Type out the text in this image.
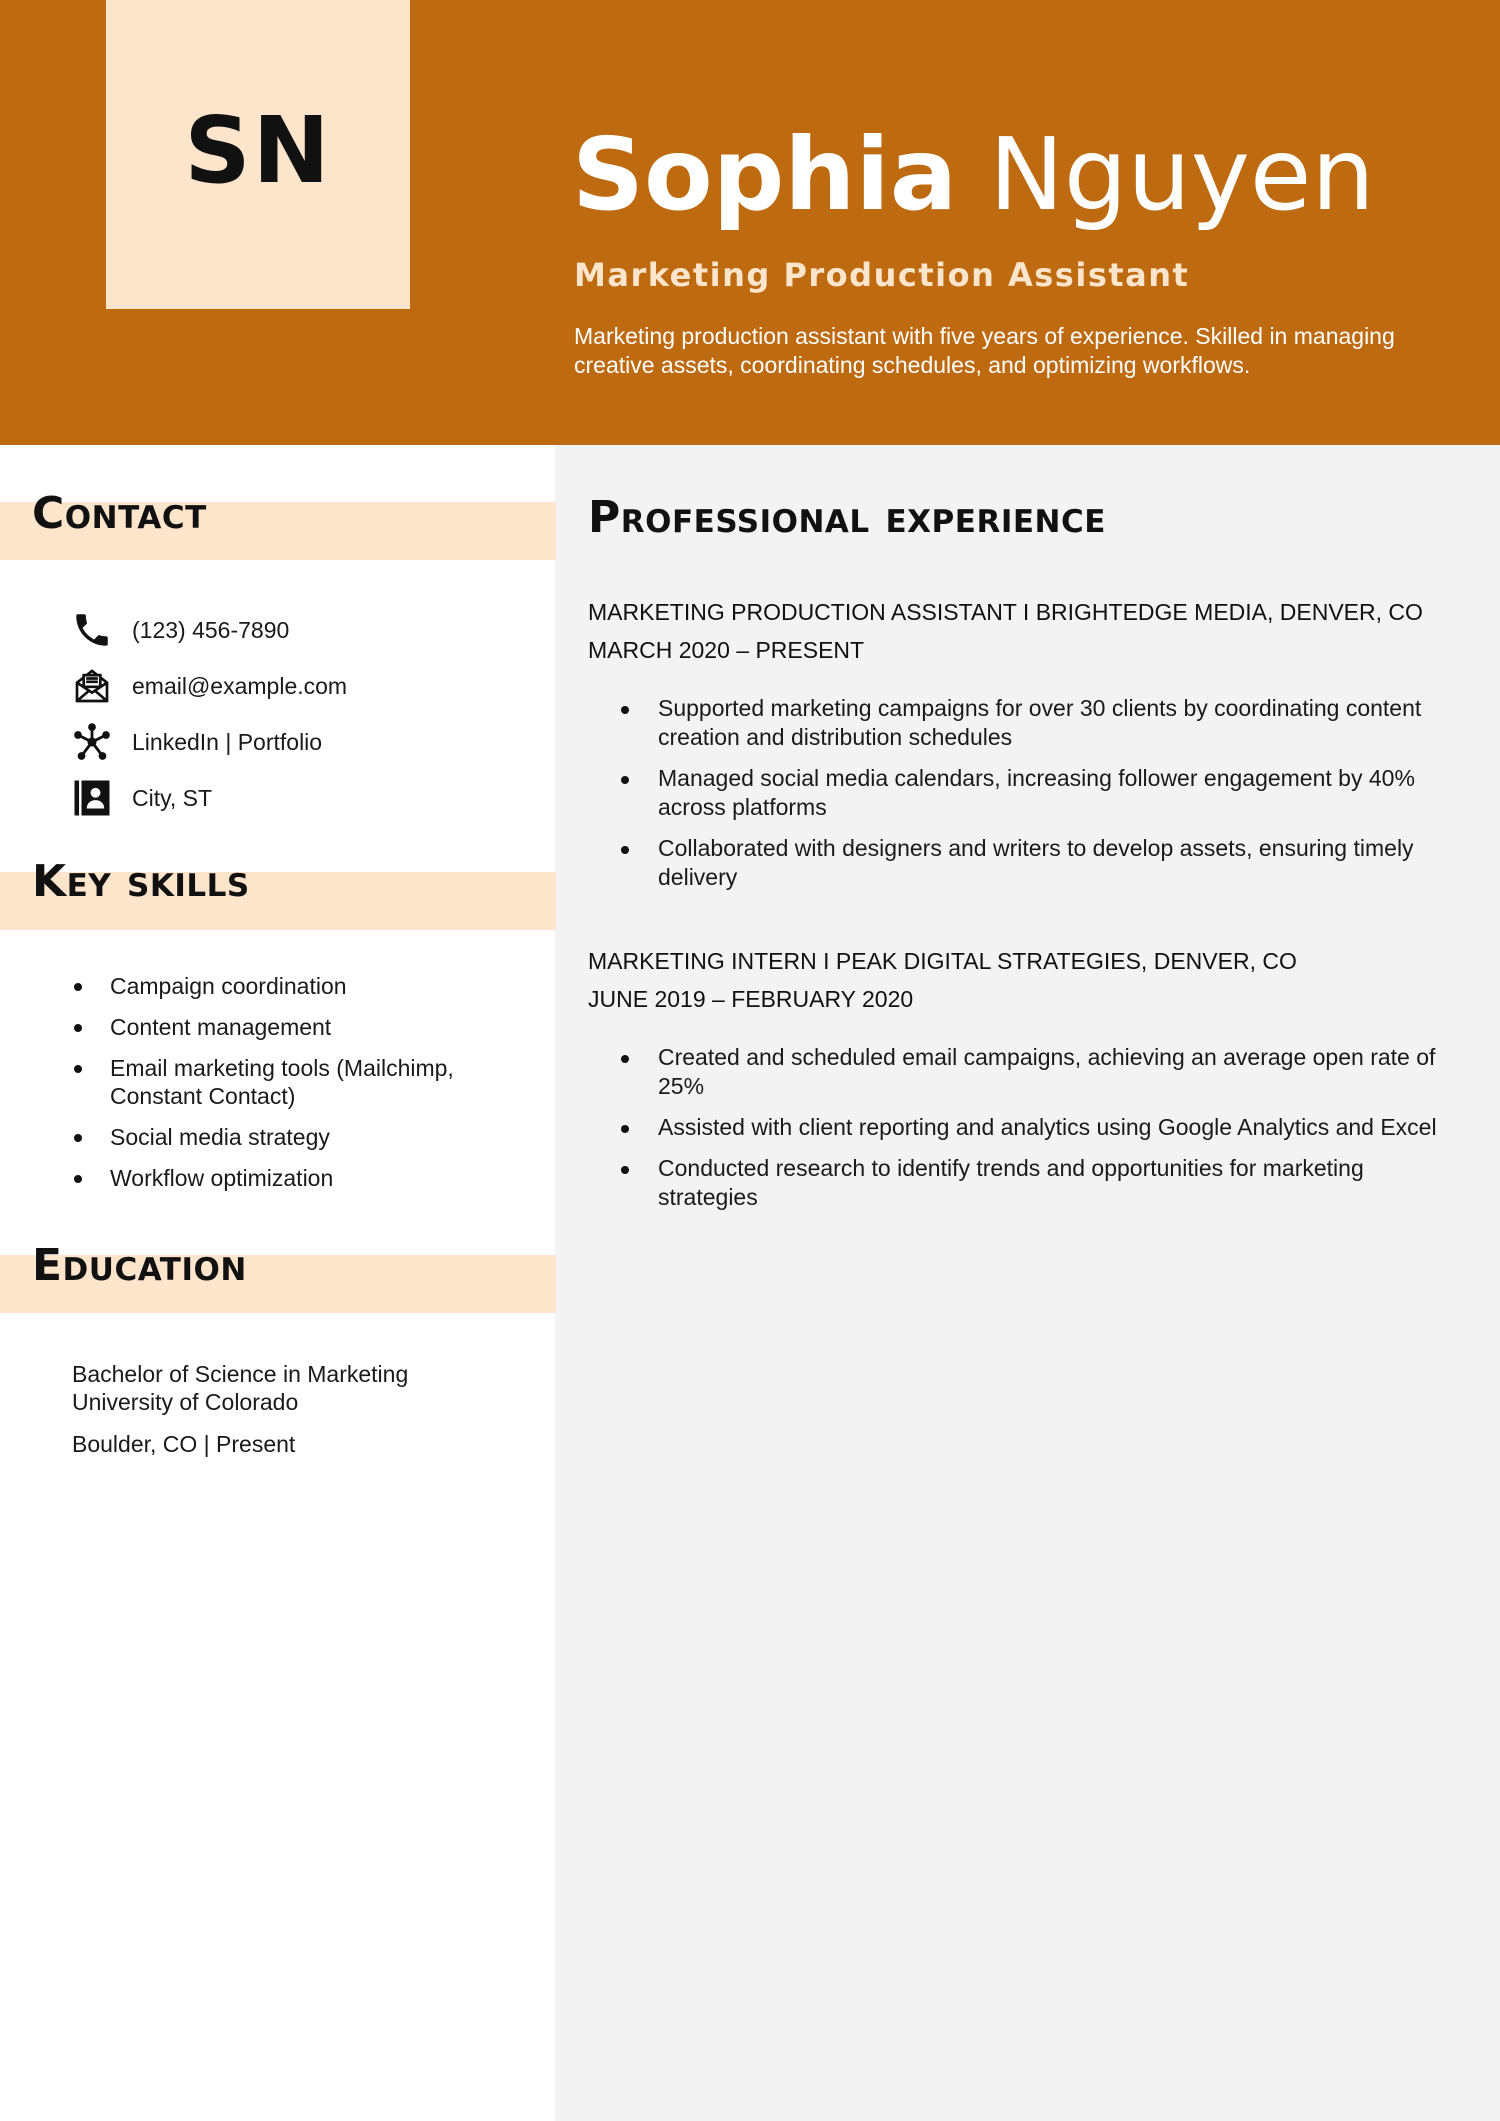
SN Sophia Nguyen
Marketing Production Assistant
Marketing production assistant with five years of experience. Skilled in managing creative assets, coordinating schedules, and optimizing workflows.
Contact
(123) 456-7890
email@example.com
LinkedIn | Portfolio
City, ST
Key skills
Campaign coordination
Content management
Email marketing tools (Mailchimp, Constant Contact)
Social media strategy
Workflow optimization
Education
Bachelor of Science in Marketing
University of Colorado
Boulder, CO | Present
Professional experience
MARKETING PRODUCTION ASSISTANT I BRIGHTEDGE MEDIA, DENVER, CO
MARCH 2020 – PRESENT
Supported marketing campaigns for over 30 clients by coordinating content creation and distribution schedules
Managed social media calendars, increasing follower engagement by 40% across platforms
Collaborated with designers and writers to develop assets, ensuring timely delivery
MARKETING INTERN I PEAK DIGITAL STRATEGIES, DENVER, CO
JUNE 2019 – FEBRUARY 2020
Created and scheduled email campaigns, achieving an average open rate of 25%
Assisted with client reporting and analytics using Google Analytics and Excel
Conducted research to identify trends and opportunities for marketing strategies
